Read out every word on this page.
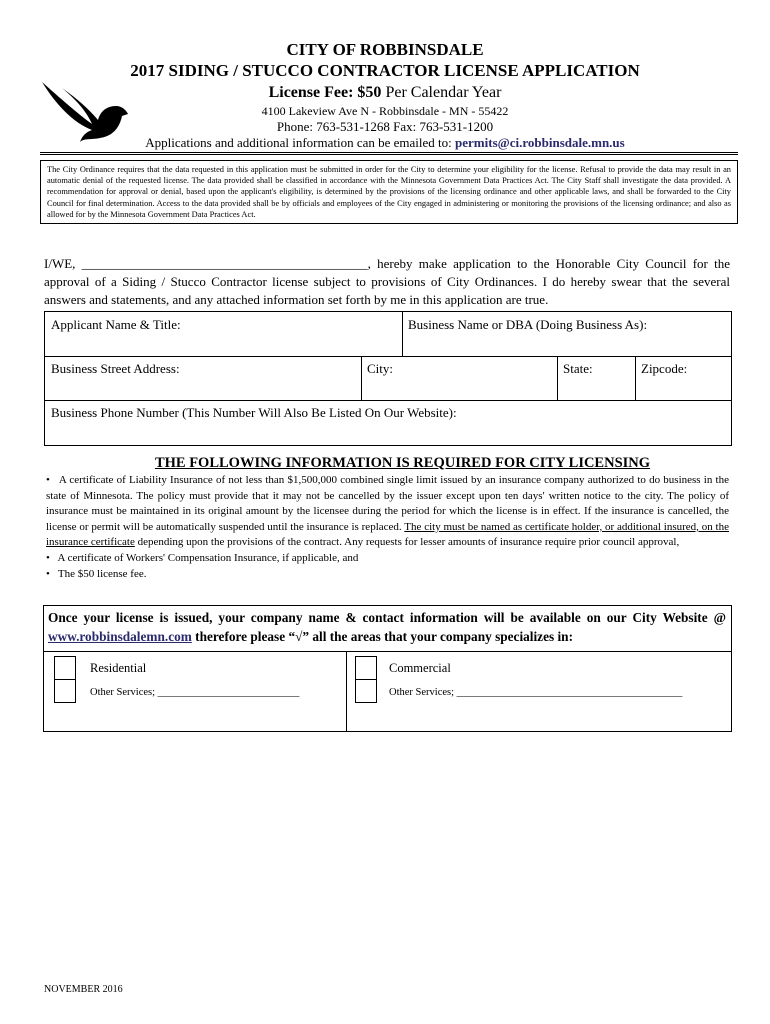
CITY OF ROBBINSDALE
2017 SIDING / STUCCO CONTRACTOR LICENSE APPLICATION
License Fee: $50 Per Calendar Year
4100 Lakeview Ave N - Robbinsdale - MN - 55422
Phone: 763-531-1268 Fax: 763-531-1200
Applications and additional information can be emailed to: permits@ci.robbinsdale.mn.us
The City Ordinance requires that the data requested in this application must be submitted in order for the City to determine your eligibility for the license. Refusal to provide the data may result in an automatic denial of the requested license. The data provided shall be classified in accordance with the Minnesota Government Data Practices Act. The City Staff shall investigate the data provided. A recommendation for approval or denial, based upon the applicant's eligibility, is determined by the provisions of the licensing ordinance and other applicable laws, and shall be forwarded to the City Council for final determination. Access to the data provided shall be by officials and employees of the City engaged in administering or monitoring the provisions of the licensing ordinance; and also as allowed for by the Minnesota Government Data Practices Act.
I/WE, ____________________________________________, hereby make application to the Honorable City Council for the approval of a Siding / Stucco Contractor license subject to provisions of City Ordinances. I do hereby swear that the several answers and statements, and any attached information set forth by me in this application are true.
Applicant Name & Title:	Business Name or DBA (Doing Business As):
Business Street Address:	City:	State:	Zipcode:
Business Phone Number (This Number Will Also Be Listed On Our Website):
THE FOLLOWING INFORMATION IS REQUIRED FOR CITY LICENSING

•   A certificate of Liability Insurance of not less than $1,500,000 combined single limit issued by an insurance company authorized to do business in the state of Minnesota. The policy must provide that it may not be cancelled by the issuer except upon ten days' written notice to the city. The policy of insurance must be maintained in its original amount by the licensee during the period for which the license is in effect. If the insurance is cancelled, the license or permit will be automatically suspended until the insurance is replaced. The city must be named as certificate holder, or additional insured, on the insurance certificate depending upon the provisions of the contract. Any requests for lesser amounts of insurance require prior council approval,

•   A certificate of Workers' Compensation Insurance, if applicable, and

•   The $50 license fee.

Once your license is issued, your company name & contact information will be available on our City Website @ www.robbinsdalemn.com therefore please “√” all the areas that your company specializes in:
Residential
Other Services; ___________________________
Commercial
Other Services; ___________________________________________
NOVEMBER 2016
